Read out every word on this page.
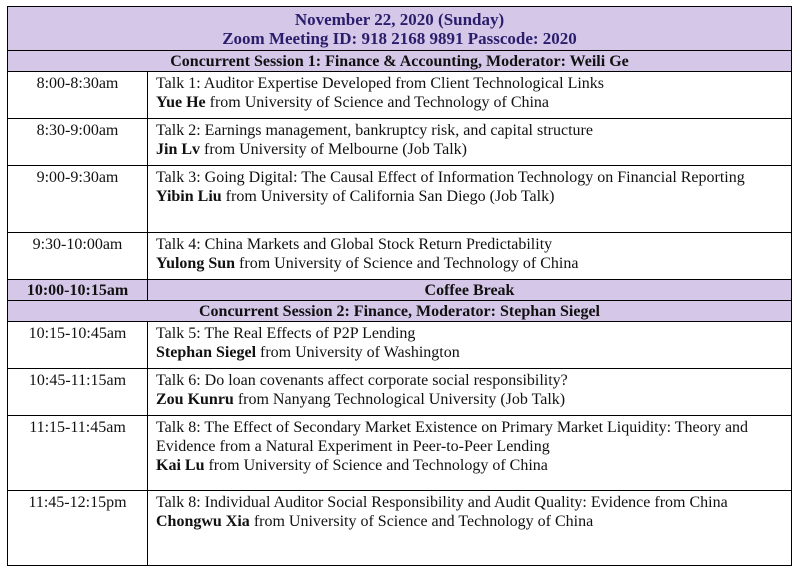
November 22, 2020 (Sunday)
Zoom Meeting ID: 918 2168 9891 Passcode: 2020	

Concurrent Session 1: Finance & Accounting, Moderator: Weili Ge	
8:00-8:30am	Talk 1: Auditor Expertise Developed from Client Technological Links
Yue He from University of Science and Technology of China

8:30-9:00am	Talk 2: Earnings management, bankruptcy risk, and capital structure
Jin Lv from University of Melbourne (Job Talk)

9:00-9:30am	Talk 3: Going Digital: The Causal Effect of Information Technology on Financial Reporting
Yibin Liu from University of California San Diego (Job Talk)

9:30-10:00am	Talk 4: China Markets and Global Stock Return Predictability
Yulong Sun from University of Science and Technology of China

10:00-10:15am	Coffee Break
Concurrent Session 2: Finance, Moderator: Stephan Siegel	
10:15-10:45am	Talk 5: The Real Effects of P2P Lending
Stephan Siegel from University of Washington

10:45-11:15am	Talk 6: Do loan covenants affect corporate social responsibility?
Zou Kunru from Nanyang Technological University (Job Talk)

11:15-11:45am	Talk 8: The Effect of Secondary Market Existence on Primary Market Liquidity: Theory and Evidence from a Natural Experiment in Peer-to-Peer Lending
Kai Lu from University of Science and Technology of China

11:45-12:15pm	Talk 8: Individual Auditor Social Responsibility and Audit Quality: Evidence from China
Chongwu Xia from University of Science and Technology of China
